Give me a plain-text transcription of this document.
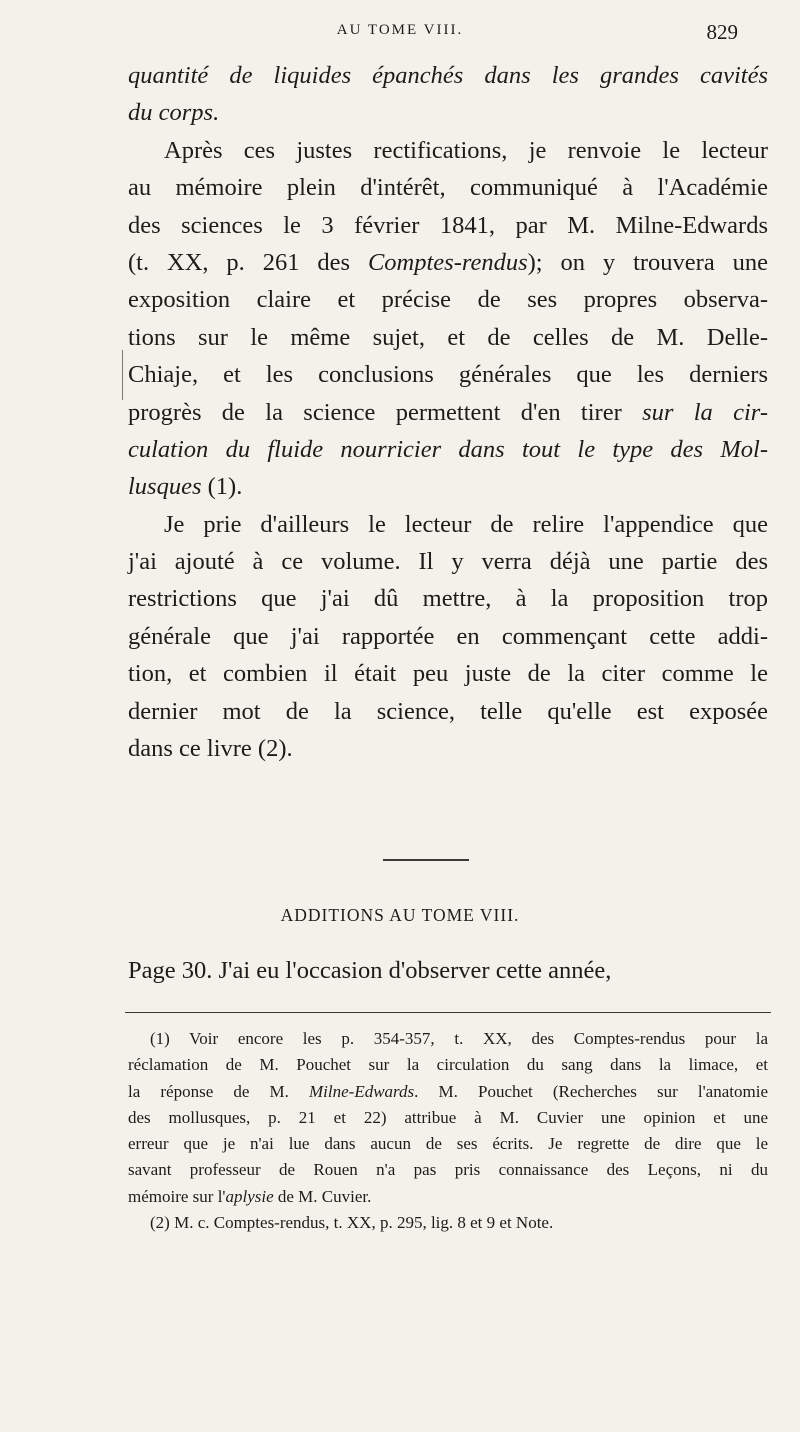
AU TOME VIII.	829
quantité de liquides épanchés dans les grandes cavités
du corps.
Après ces justes rectifications, je renvoie le lecteur
au mémoire plein d'intérêt, communiqué à l'Académie
des sciences le 3 février 1841, par M. Milne-Edwards
(t. XX, p. 261 des Comptes-rendus); on y trouvera une
exposition claire et précise de ses propres observa-
tions sur le même sujet, et de celles de M. Delle-
Chiaje, et les conclusions générales que les derniers
progrès de la science permettent d'en tirer sur la cir-
culation du fluide nourricier dans tout le type des Mol-
lusques (1).
Je prie d'ailleurs le lecteur de relire l'appendice que
j'ai ajouté à ce volume. Il y verra déjà une partie des
restrictions que j'ai dû mettre, à la proposition trop
générale que j'ai rapportée en commençant cette addi-
tion, et combien il était peu juste de la citer comme le
dernier mot de la science, telle qu'elle est exposée
dans ce livre (2).
ADDITIONS AU TOME VIII.
Page 30. J'ai eu l'occasion d'observer cette année,
(1) Voir encore les p. 354-357, t. XX, des Comptes-rendus pour la
réclamation de M. Pouchet sur la circulation du sang dans la limace, et
la réponse de M. Milne-Edwards. M. Pouchet (Recherches sur l'anatomie
des mollusques, p. 21 et 22) attribue à M. Cuvier une opinion et une
erreur que je n'ai lue dans aucun de ses écrits. Je regrette de dire que le
savant professeur de Rouen n'a pas pris connaissance des Leçons, ni du
mémoire sur l'aplysie de M. Cuvier.
(2) M. c. Comptes-rendus, t. XX, p. 295, lig. 8 et 9 et Note.
